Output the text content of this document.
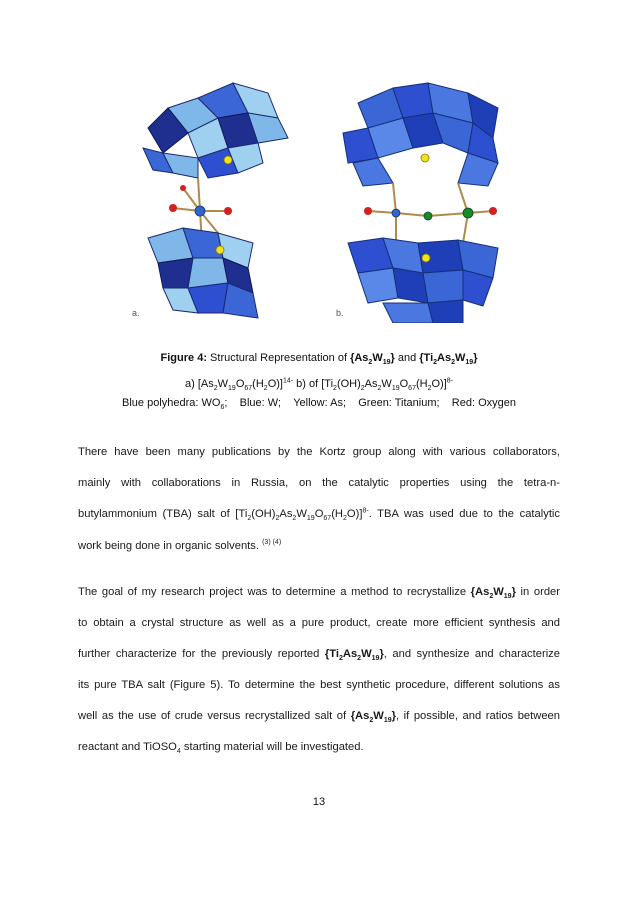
a.	b.
Figure 4: Structural Representation of $\{As_2W_{19}\}$ and $\{Ti_2As_2W_{19}\}$
a) $[As_2W_{19}O_{67}(H_2O)]^{14-}$ b) of $[Ti_2(OH)_2As_2W_{19}O_{67}(H_2O)]^{8-}$
Blue polyhedra: $WO_6$;    Blue: W;    Yellow: As;    Green: Titanium;    Red: Oxygen
There have been many publications by the Kortz group along with various collaborators,
mainly with collaborations in Russia, on the catalytic properties using the tetra-n-
butylammonium (TBA) salt of $[Ti_2(OH)_2As_2W_{19}O_{67}(H_2O)]^{8-}$. TBA was used due to the catalytic
work being done in organic solvents. $^{(3) (4)}$
The goal of my research project was to determine a method to recrystallize $\{As_2W_{19}\}$ in order
to obtain a crystal structure as well as a pure product, create more efficient synthesis and
further characterize for the previously reported $\{Ti_2As_2W_{19}\}$, and synthesize and characterize
its pure TBA salt (Figure 5). To determine the best synthetic procedure, different solutions as
well as the use of crude versus recrystallized salt of $\{As_2W_{19}\}$, if possible, and ratios between
reactant and TiOSO$_4$ starting material will be investigated.
13
